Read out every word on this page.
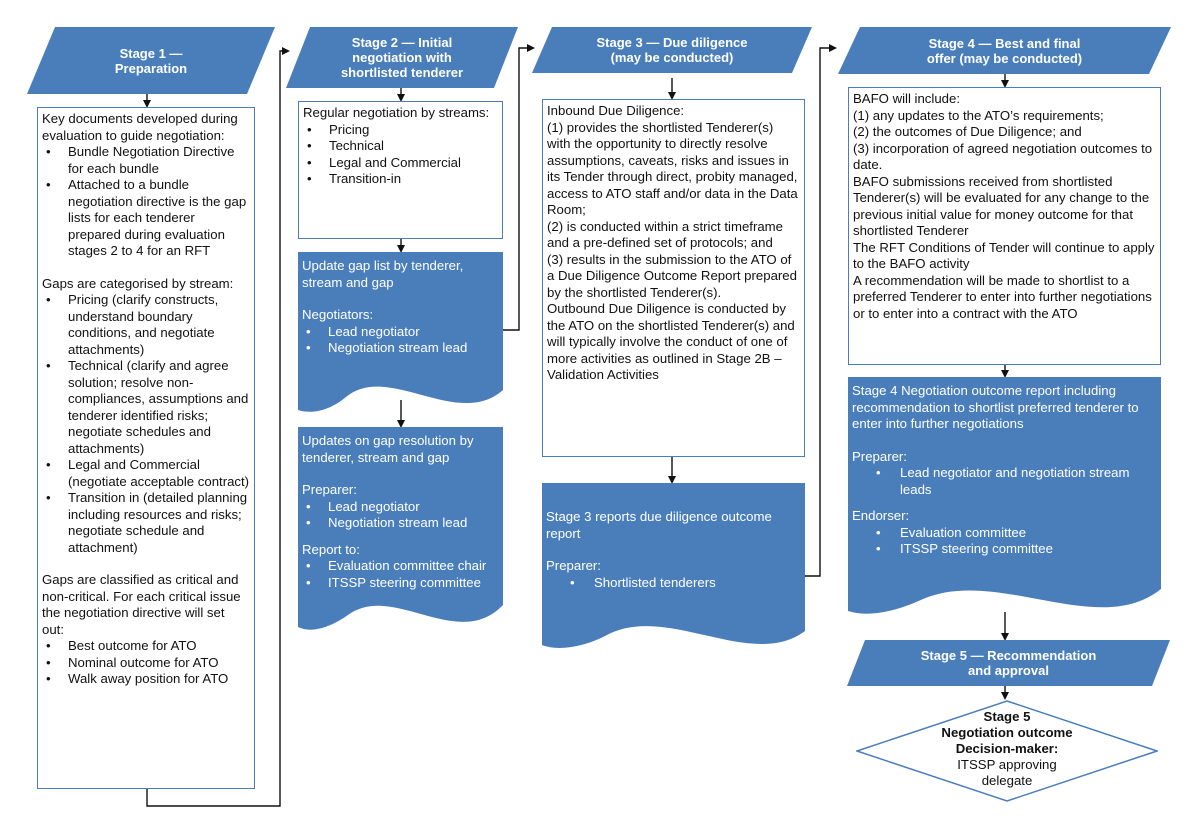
Stage 1 —
Preparation

Key documents developed during evaluation to guide negotiation:

• Bundle Negotiation Directive for each bundle
• Attached to a bundle negotiation directive is the gap lists for each tenderer prepared during evaluation stages 2 to 4 for an RFT

Gaps are categorised by stream:

• Pricing (clarify constructs, understand boundary conditions, and negotiate attachments)
• Technical (clarify and agree solution; resolve non-compliances, assumptions and tenderer identified risks; negotiate schedules and attachments)
• Legal and Commercial (negotiate acceptable contract)
• Transition in (detailed planning including resources and risks; negotiate schedule and attachment)

Gaps are classified as critical and non-critical. For each critical issue the negotiation directive will set out:

• Best outcome for ATO
• Nominal outcome for ATO
• Walk away position for ATO
Stage 2 — Initial
negotiation with
shortlisted tenderer

Regular negotiation by streams:

• Pricing
• Technical
• Legal and Commercial
• Transition-in

Update gap list by tenderer, stream and gap

Negotiators:

• Lead negotiator
• Negotiation stream lead

Updates on gap resolution by tenderer, stream and gap

Preparer:

• Lead negotiator
• Negotiation stream lead

Report to:

• Evaluation committee chair
• ITSSP steering committee
Stage 3 — Due diligence
(may be conducted)

Inbound Due Diligence:

(1) provides the shortlisted Tenderer(s) with the opportunity to directly resolve assumptions, caveats, risks and issues in its Tender through direct, probity managed, access to ATO staff and/or data in the Data Room;

(2) is conducted within a strict timeframe and a pre-defined set of protocols; and

(3) results in the submission to the ATO of a Due Diligence Outcome Report prepared by the shortlisted Tenderer(s).

Outbound Due Diligence is conducted by the ATO on the shortlisted Tenderer(s) and will typically involve the conduct of one of more activities as outlined in Stage 2B – Validation Activities

Stage 3 reports due diligence outcome report

Preparer:

• Shortlisted tenderers
Stage 4 — Best and final
offer (may be conducted)

BAFO will include:

(1) any updates to the ATO’s requirements;

(2) the outcomes of Due Diligence; and

(3) incorporation of agreed negotiation outcomes to date.

BAFO submissions received from shortlisted Tenderer(s) will be evaluated for any change to the previous initial value for money outcome for that shortlisted Tenderer

The RFT Conditions of Tender will continue to apply to the BAFO activity

A recommendation will be made to shortlist to a preferred Tenderer to enter into further negotiations or to enter into a contract with the ATO

Stage 4 Negotiation outcome report including recommendation to shortlist preferred tenderer to enter into further negotiations

Preparer:

• Lead negotiator and negotiation stream leads

Endorser:

• Evaluation committee
• ITSSP steering committee
Stage 5 — Recommendation
and approval
Stage 5
Negotiation outcome
Decision-maker:
ITSSP approving
delegate
